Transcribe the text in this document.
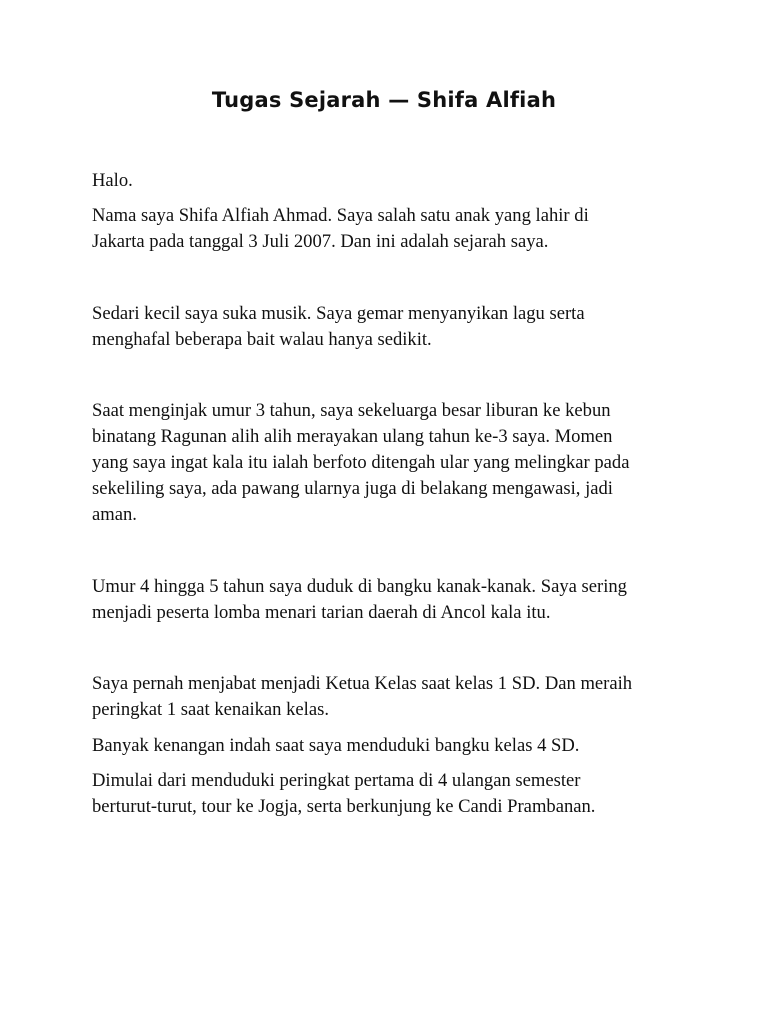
Tugas Sejarah — Shifa Alfiah

Halo.

Nama saya Shifa Alfiah Ahmad. Saya salah satu anak yang lahir di
Jakarta pada tanggal 3 Juli 2007. Dan ini adalah sejarah saya.

Sedari kecil saya suka musik. Saya gemar menyanyikan lagu serta
menghafal beberapa bait walau hanya sedikit.

Saat menginjak umur 3 tahun, saya sekeluarga besar liburan ke kebun
binatang Ragunan alih alih merayakan ulang tahun ke-3 saya. Momen
yang saya ingat kala itu ialah berfoto ditengah ular yang melingkar pada
sekeliling saya, ada pawang ularnya juga di belakang mengawasi, jadi
aman.

Umur 4 hingga 5 tahun saya duduk di bangku kanak-kanak. Saya sering
menjadi peserta lomba menari tarian daerah di Ancol kala itu.

Saya pernah menjabat menjadi Ketua Kelas saat kelas 1 SD. Dan meraih
peringkat 1 saat kenaikan kelas.

Banyak kenangan indah saat saya menduduki bangku kelas 4 SD.

Dimulai dari menduduki peringkat pertama di 4 ulangan semester
berturut-turut, tour ke Jogja, serta berkunjung ke Candi Prambanan.
